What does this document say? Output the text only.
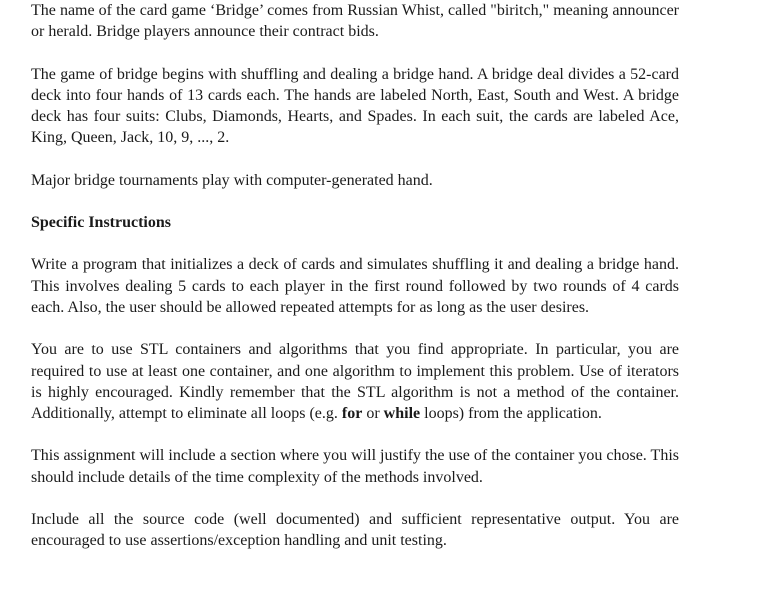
The name of the card game ‘Bridge’ comes from Russian Whist, called "biritch," meaning announcer or herald. Bridge players announce their contract bids.

The game of bridge begins with shuffling and dealing a bridge hand. A bridge deal divides a 52-card deck into four hands of 13 cards each. The hands are labeled North, East, South and West. A bridge deck has four suits: Clubs, Diamonds, Hearts, and Spades. In each suit, the cards are labeled Ace, King, Queen, Jack, 10, 9, ..., 2.

Major bridge tournaments play with computer-generated hand.

Specific Instructions

Write a program that initializes a deck of cards and simulates shuffling it and dealing a bridge hand. This involves dealing 5 cards to each player in the first round followed by two rounds of 4 cards each. Also, the user should be allowed repeated attempts for as long as the user desires.

You are to use STL containers and algorithms that you find appropriate. In particular, you are required to use at least one container, and one algorithm to implement this problem. Use of iterators is highly encouraged. Kindly remember that the STL algorithm is not a method of the container. Additionally, attempt to eliminate all loops (e.g. for or while loops) from the application.

This assignment will include a section where you will justify the use of the container you chose. This should include details of the time complexity of the methods involved.

Include all the source code (well documented) and sufficient representative output. You are encouraged to use assertions/exception handling and unit testing.
